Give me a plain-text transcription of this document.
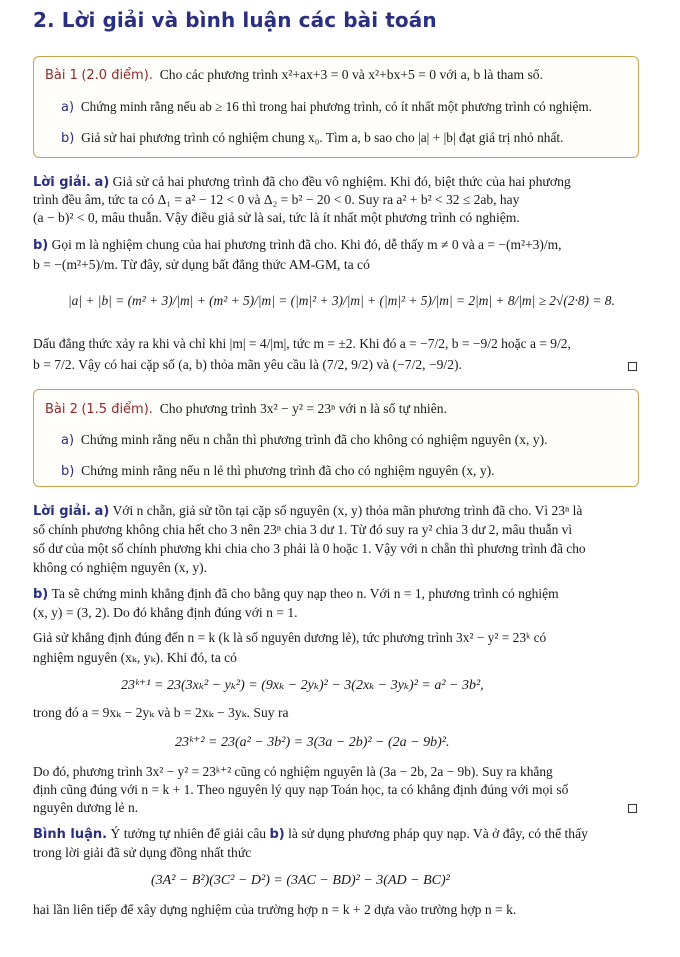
2. Lời giải và bình luận các bài toán
Bài 1 (2.0 điểm). Cho các phương trình x²+ax+3 = 0 và x²+bx+5 = 0 với a, b là tham số.
a) Chứng minh rằng nếu ab ≥ 16 thì trong hai phương trình, có ít nhất một phương trình có nghiệm.
b) Giả sử hai phương trình có nghiệm chung x₀. Tìm a, b sao cho |a| + |b| đạt giá trị nhỏ nhất.
Lời giải. a) Giả sử cả hai phương trình đã cho đều vô nghiệm. Khi đó, biệt thức của hai phương
trình đều âm, tức ta có Δ₁ = a² − 12 < 0 và Δ₂ = b² − 20 < 0. Suy ra a² + b² < 32 ≤ 2ab, hay
(a − b)² < 0, mâu thuẫn. Vậy điều giả sử là sai, tức là ít nhất một phương trình có nghiệm.
b) Gọi m là nghiệm chung của hai phương trình đã cho. Khi đó, dễ thấy m ≠ 0 và a = −(m²+3)/m,
b = −(m²+5)/m. Từ đây, sử dụng bất đẳng thức AM-GM, ta có
|a| + |b| = (m² + 3)/|m| + (m² + 5)/|m| = (|m|² + 3)/|m| + (|m|² + 5)/|m| = 2|m| + 8/|m| ≥ 2√(2·8) = 8.
Dấu đẳng thức xảy ra khi và chỉ khi |m| = 4/|m|, tức m = ±2. Khi đó a = −7/2, b = −9/2 hoặc a = 9/2,
b = 7/2. Vậy có hai cặp số (a, b) thỏa mãn yêu cầu là (7/2, 9/2) và (−7/2, −9/2).
Bài 2 (1.5 điểm). Cho phương trình 3x² − y² = 23ⁿ với n là số tự nhiên.
a) Chứng minh rằng nếu n chẵn thì phương trình đã cho không có nghiệm nguyên (x, y).
b) Chứng minh rằng nếu n lẻ thì phương trình đã cho có nghiệm nguyên (x, y).
Lời giải. a) Với n chẵn, giả sử tồn tại cặp số nguyên (x, y) thỏa mãn phương trình đã cho. Vì 23ⁿ là
số chính phương không chia hết cho 3 nên 23ⁿ chia 3 dư 1. Từ đó suy ra y² chia 3 dư 2, mâu thuẫn vì
số dư của một số chính phương khi chia cho 3 phải là 0 hoặc 1. Vậy với n chẵn thì phương trình đã cho
không có nghiệm nguyên (x, y).
b) Ta sẽ chứng minh khẳng định đã cho bằng quy nạp theo n. Với n = 1, phương trình có nghiệm
(x, y) = (3, 2). Do đó khẳng định đúng với n = 1.
Giả sử khẳng định đúng đến n = k (k là số nguyên dương lẻ), tức phương trình 3x² − y² = 23ᵏ có
nghiệm nguyên (xₖ, yₖ). Khi đó, ta có
23ᵏ⁺¹ = 23(3xₖ² − yₖ²) = (9xₖ − 2yₖ)² − 3(2xₖ − 3yₖ)² = a² − 3b²,
trong đó a = 9xₖ − 2yₖ và b = 2xₖ − 3yₖ. Suy ra
23ᵏ⁺² = 23(a² − 3b²) = 3(3a − 2b)² − (2a − 9b)².
Do đó, phương trình 3x² − y² = 23ᵏ⁺² cũng có nghiệm nguyên là (3a − 2b, 2a − 9b). Suy ra khẳng
định cũng đúng với n = k + 1. Theo nguyên lý quy nạp Toán học, ta có khẳng định đúng với mọi số
nguyên dương lẻ n.
Bình luận. Ý tưởng tự nhiên để giải câu b) là sử dụng phương pháp quy nạp. Và ở đây, có thể thấy
trong lời giải đã sử dụng đồng nhất thức
(3A² − B²)(3C² − D²) = (3AC − BD)² − 3(AD − BC)²
hai lần liên tiếp để xây dựng nghiệm của trường hợp n = k + 2 dựa vào trường hợp n = k.
